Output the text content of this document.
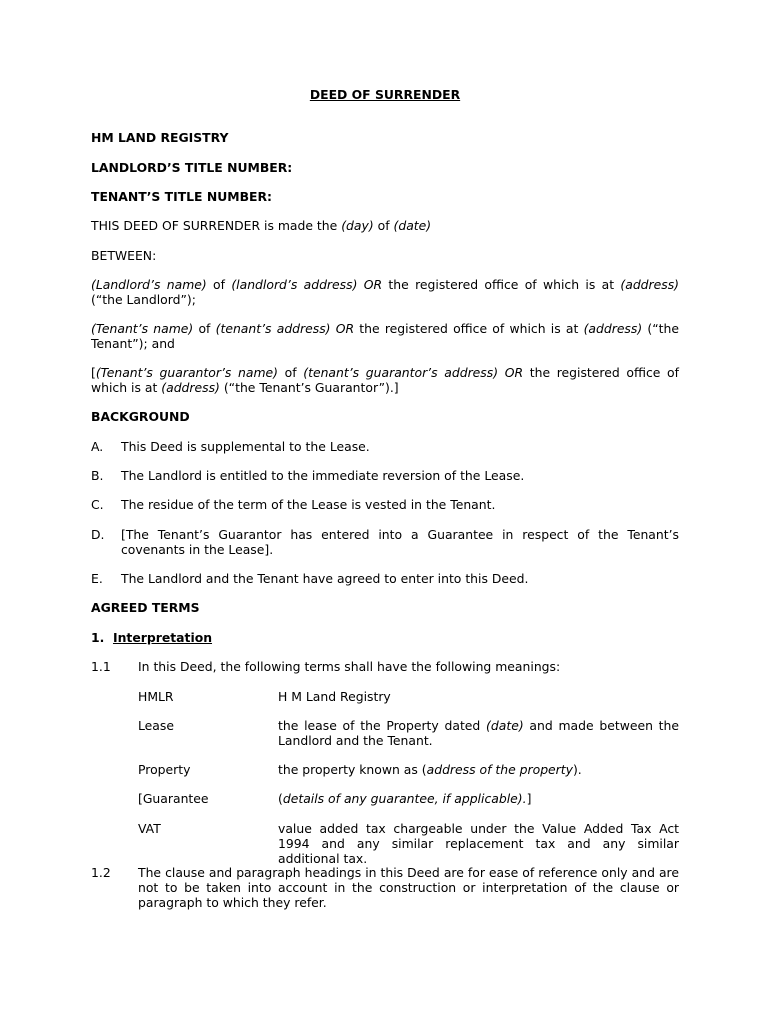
DEED OF SURRENDER
HM LAND REGISTRY
LANDLORD’S TITLE NUMBER:
TENANT’S TITLE NUMBER:
THIS DEED OF SURRENDER is made the (day) of (date)
BETWEEN:
(Landlord’s name) of (landlord’s address) OR the registered office of which is at (address) (“the Landlord”);
(Tenant’s name) of (tenant’s address) OR the registered office of which is at (address) (“the Tenant”); and
[(Tenant’s guarantor’s name) of (tenant’s guarantor’s address) OR the registered office of which is at (address) (“the Tenant’s Guarantor”).]
BACKGROUND
A. This Deed is supplemental to the Lease.
B. The Landlord is entitled to the immediate reversion of the Lease.
C. The residue of the term of the Lease is vested in the Tenant.
D. [The Tenant’s Guarantor has entered into a Guarantee in respect of the Tenant’s covenants in the Lease].
E. The Landlord and the Tenant have agreed to enter into this Deed.
AGREED TERMS
1. Interpretation
1.1 In this Deed, the following terms shall have the following meanings:
HMLR	H M Land Registry
Lease	the lease of the Property dated (date) and made between the Landlord and the Tenant.
Property	the property known as (address of the property).
[Guarantee	(details of any guarantee, if applicable).]
VAT	value added tax chargeable under the Value Added Tax Act 1994 and any similar replacement tax and any similar additional tax.
1.2 The clause and paragraph headings in this Deed are for ease of reference only and are not to be taken into account in the construction or interpretation of the clause or paragraph to which they refer.
